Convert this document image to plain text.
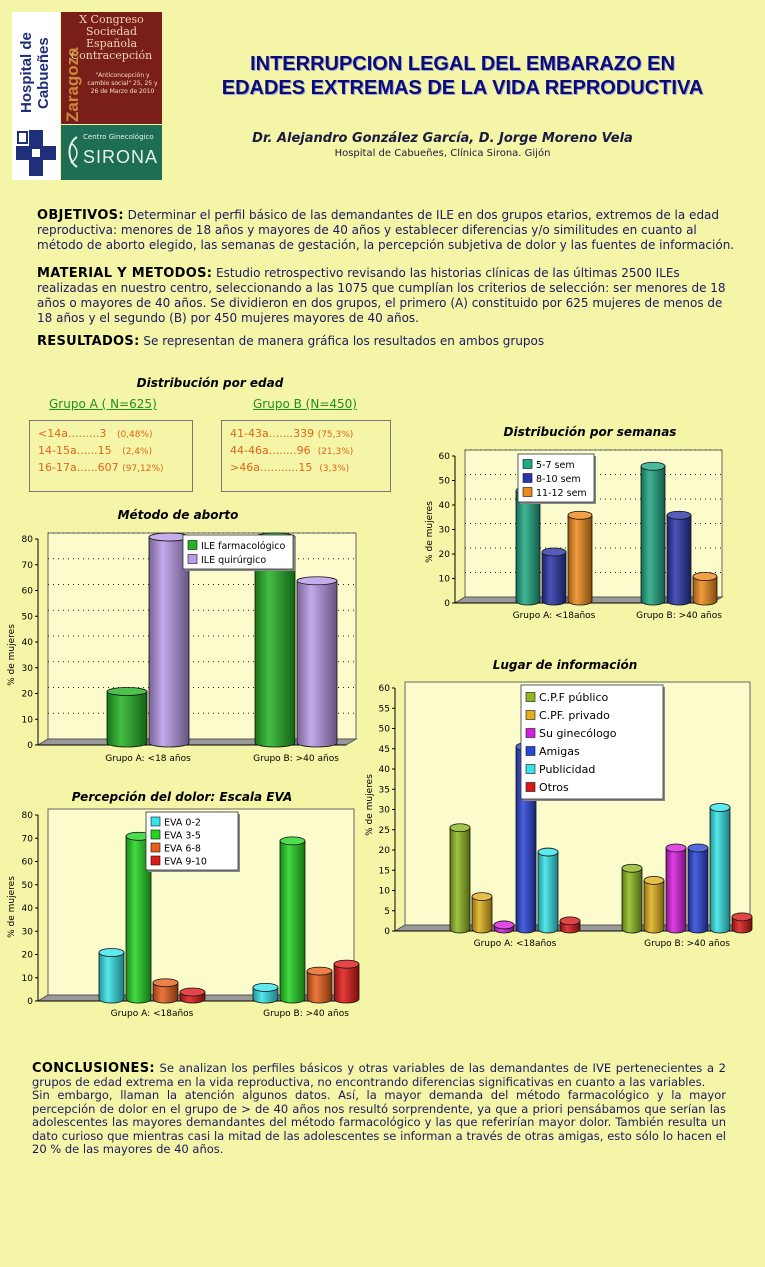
Hospital de Cabueñes
X Congreso
Sociedad Española
Contracepción
Zaragoza	"Anticoncepción y cambio social" 25, 25 y 26 de Marzo de 2010
Centro Ginecológico
SIRONA
INTERRUPCION LEGAL DEL EMBARAZO EN
EDADES EXTREMAS DE LA VIDA REPRODUCTIVA
Dr. Alejandro González García, D. Jorge Moreno Vela
Hospital de Cabueñes, Clínica Sirona. Gijón
OBJETIVOS: Determinar el perfil básico de las demandantes de ILE en dos grupos etarios, extremos de la edad reproductiva: menores de 18 años y mayores de 40 años y establecer diferencias y/o similitudes en cuanto al método de aborto elegido, las semanas de gestación, la percepción subjetiva de dolor y las fuentes de información.
MATERIAL Y METODOS: Estudio retrospectivo revisando las historias clínicas de las últimas 2500 ILEs realizadas en nuestro centro, seleccionando a las 1075 que cumplían los criterios de selección: ser menores de 18 años o mayores de 40 años. Se dividieron en dos grupos, el primero (A) constituido por 625 mujeres de menos de 18 años y el segundo (B) por 450 mujeres mayores de 40 años.
RESULTADOS: Se representan de manera gráfica los resultados en ambos grupos
Distribución por edad
Grupo A ( N=625)	Grupo B (N=450)
<14a.........3 (0,48%)
14-15a......15 (2,4%)
16-17a......607 (97,12%)
41-43a.......339 (75,3%)
44-46a........96 (21,3%)
>46a...........15 (3,3%)
Método de aborto
0
10
20
30
40
50
60
70
80
% de mujeres
Grupo A: <18 años	Grupo B: >40 años
ILE farmacológico
ILE quirúrgico
Distribución por semanas
0
10
20
30
40
50
60
% de mujeres
Grupo A: <18años	Grupo B: >40 años
5-7 sem
8-10 sem
11-12 sem
Percepción del dolor: Escala EVA
0
10
20
30
40
50
60
70
80
% de mujeres
Grupo A: <18años	Grupo B: >40 años
EVA 0-2
EVA 3-5
EVA 6-8
EVA 9-10
Lugar de información
0
5
10
15
20
25
30
35
40
45
50
55
60
% de mujeres
Grupo A: <18años	Grupo B: >40 años
C.P.F público
C.PF. privado
Su ginecólogo
Amigas
Publicidad
Otros
CONCLUSIONES: Se analizan los perfiles básicos y otras variables de las demandantes de IVE pertenecientes a 2 grupos de edad extrema en la vida reproductiva, no encontrando diferencias significativas en cuanto a las variables.
Sin embargo, llaman la atención algunos datos. Así, la mayor demanda del método farmacológico y la mayor percepción de dolor en el grupo de > de 40 años nos resultó sorprendente, ya que a priori pensábamos que serían las adolescentes las mayores demandantes del método farmacológico y las que referirían mayor dolor. También resulta un dato curioso que mientras casi la mitad de las adolescentes se informan a través de otras amigas, esto sólo lo hacen el 20 % de las mayores de 40 años.
